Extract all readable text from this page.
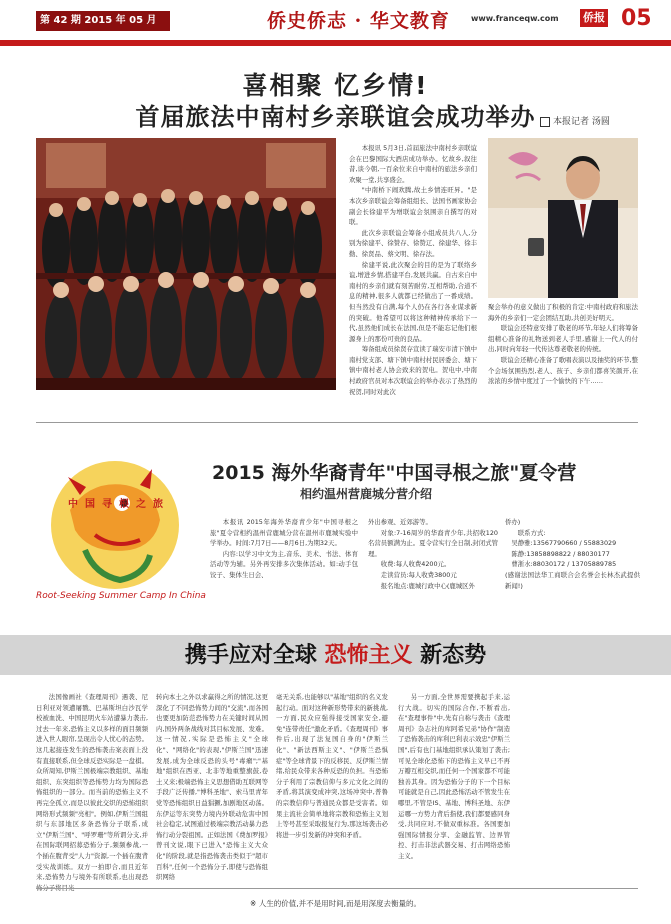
第 42 期 2015 年 05 月	侨史侨志 · 华文教育	www.franceqw.com 侨报 05
喜相聚 忆乡情!
首届旅法中南村乡亲联谊会成功举办	本报记者 汤圆

本报讯 5月3日,首届旅法中南村乡亲联谊会在巴黎国际大酒店成功举办。忆故乡,叙往昔,谈今朝,一百余位来自中南村的旅法乡亲们欢聚一堂,共享盛会。

"中南桥下闹欢腾,故土乡情连旺昇。"是本次乡亲联谊会筹备组组长、法国书画家协会副会长徐建平为增联谊会氛围亲自撰写的对联。

此次乡亲联谊会筹备小组成员共八人,分别为徐建平、徐赞存、徐赞辽、徐建华、徐丰勤、徐贤品、蔡文明、徐存法。

徐建平说,此次聚会的目的是为了联络乡谊,增进乡情,搭建平台,发展共赢。自古来自中南村的乡亲们就有刻苦耐劳,互相帮助,合道不息的精神,很多人就都已经做出了一番成绩。但当然没有自满,每个人仍在各行各业谋求新的突破。他希望可以将这种精神传承给下一代,虽然他们成长在法国,但是不能忘记他们根源身上的那份可贵的良品。

筹备组成员徐贤存宣读了瑞安市清下镇中南村党支部、塘下镇中南村村民居委会、塘下镇中南村老人协会致来的贺电。贺电中,中南村政府官员对本次联谊会的举办表示了热烈的祝贺,同时对此次

聚会举办的意义做出了积极的肯定:中南村政府和旅法海外的乡亲们一定会团结互助,共创美好明天。

联谊会还特意安排了敬老的环节,年轻人们将筹备组精心准备的礼物送到老人手里,感谢上一代人的付出,同时向年轻一代传达尊老敬老的传统。

联谊会还精心准备了歌唱表演以及抽奖的环节,整个会场氛围热烈,老人、孩子、乡亲们都喜笑颜开,在浓浓的乡情中度过了一个愉快的下午……

中国寻根之旅
Root-Seeking Summer Camp In China
2015 海外华裔青年"中国寻根之旅"夏令营
相约温州营鹿城分营介绍

本报讯 2015年海外华裔青少年"中国寻根之旅"夏令营相约温州营鹿城分营在温州市鹿城实验中学举办。时间:7月7日——8月6日,为期32天。

内容:以学习中文为主,音乐、美术、书法、体育活动等为辅。另外再安排多次集体活动。如:动手包饺子、集体生日会、

外出参观、近郊游等。

对象:7-16周岁的华裔青少年,共招收120名营员额满为止。夏令营实行全日制,封闭式管理。

收费:每人收费4200元。

走读营员:每人收费3800元

报名地点:鹿城行政中心(鹿城区外

侨办)
联系方式:
吴静雅:13567790660 / 55883029
陈静:13858898822 / 88030177
曹浙水:88030172 / 13705889785
(感谢法国法华工商联合会名誉会长林杰武提供新闻!)
携手应对全球 恐怖主义 新态势

法国像画社《查理周刊》遇袭、尼日利亚对领遭屠戮、巴基斯坦白沙瓦学校被血洗、中国昆明火车站遭暴力袭击,过去一年来,恐怖主义以多样的面目频频进入世人眼帘,呈现出令人忧心的态势。这几起接连发生的恐怖袭击案表面上没有直接联系,但全球反恐实际是一盘棋。众所周知,伊斯兰国极端宗教组织、基地组织、东突组织等恐怖势力均为国际恐怖组织的一部分。而当前的恐怖主义不再完全孤立,而是以彼此交织的恐怖组织网络形式频频"亮相"。例如,伊斯兰国组织与东部地区多条恐怖分子联系,成立"伊斯兰国"、"呼罗珊"等所谓分支,并在国际联网招募恐怖分子,频频参战,一个插在腹背受"人力"资源,一个插在腹背受实战训练。双方一拍即合,而且近年来,恐怖势力与境外有所联系,也出现恐

转向本土之外以求赢得之所的情况,这更深化了不同恐怖势力间的"交流",而各国也要更加防范恐怖势力在关键时间从国内,国外两条战线对其目标发展、发难。这一情况,实际是恐怖主义"全球化"、"网络化"的表现,"伊斯兰国"迅速发展,成为全球反恐的头号"毒瘤";"基地"组织在西亚、北非等地重整旗鼓,卷土又来;极端恐怖主义思想借助互联网等手段广泛传播,"博科圣地"、索马里青年党等恐怖组织日益猖獗,加剧地区动荡。东伊运等东突势力境内外联动危害中国社会稳定,试图通过极端宗教活动暴力恐怖行动分裂祖国。正如法国《费加罗报》曾刊文说,眼下已进入"恐怖主义大众化"的阶段,就是指恐怖袭击类似于"超市百科",任何一个恐怖分子,即使与恐怖组织网络

毫无关系,也能够以"基地"组织的名义发起行动。面对这种新形势带来的新挑战,一方面,民众应强得接受国家安全,避免"连带责任"激化矛盾。《查理周刊》事件后,出现了法复国自身的"伊斯兰化"、"新法西斯主义"、"伊斯兰恐惧症"等全球背景下的反移民、反伊斯兰情绪,给民众带来各种反恐的负担。当恐怖分子利用了宗教信仰与多元文化之间的矛盾,将其演变成冲突,这场冲突中,普鲁的宗教信仰与普通民众都是受害者。如果主流社会简单地将宗教和恐怖主义划上等号甚至采取报复行为,那这场袭击必将进一步引发新的冲突和矛盾。

另一方面,全世界需要携起手来,运行大战。切实的国际合作,不断看出,在"查理事件"中,先有自称与袭击《查理周刊》杂志社的库阿希兄弟"协作"制造了恐怖袭击的库利巴利表示效忠"伊斯兰国",后有也门基地组织承认策划了袭击;可见全球化恐怖下的恐怖主义早已不再万瓣互相交织,而任何一个国家都不可能独善其身。因为恐怖分子的下一个目标可能就是自己,因此恐怖活动不管发生在哪里,不管是IS、基地、博科圣地、东伊运哪一方势力背后指使,我们都要感同身受,共同应对,不做双重标准。各国要加强国际情报分享、金融监管、边界管控、打击非法武器交易、打击网络恐怖主义。

※ 人生的价值,并不是用时间,而是用深度去衡量的。
